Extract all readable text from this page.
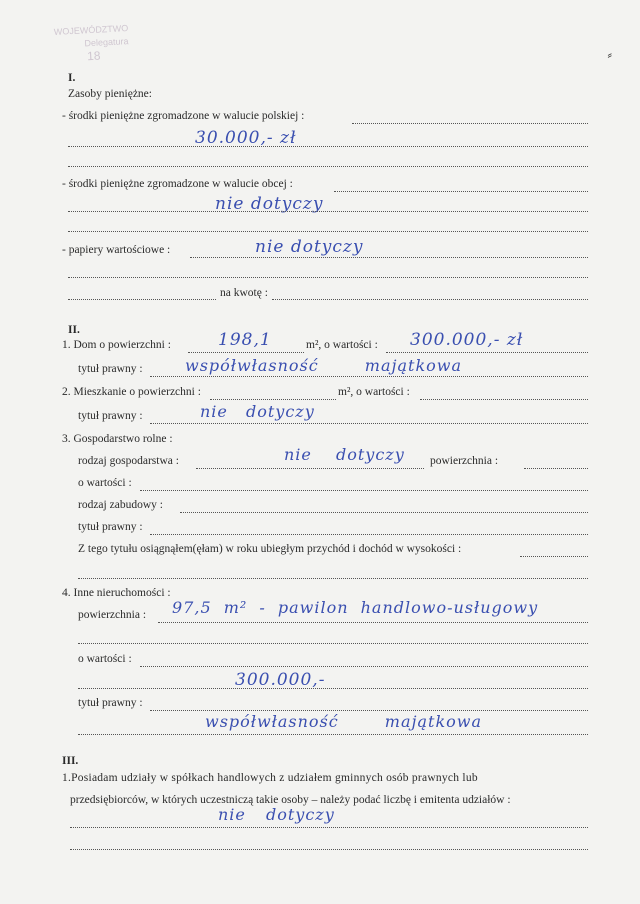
WOJEWÓDZTWO
Delegatura
18	⸗
I.
Zasoby pieniężne:
- środki pieniężne zgromadzone w walucie polskiej :
30.000,- zł
- środki pieniężne zgromadzone w walucie obcej :
nie dotyczy
- papiery wartościowe :	nie dotyczy
na kwotę :
II.
1. Dom o powierzchni :	198,1	m², o wartości : 300.000,- zł
tytuł prawny :	współwłasność majątkowa
2. Mieszkanie o powierzchni :	m², o wartości :
tytuł prawny :	nie dotyczy
3. Gospodarstwo rolne :
rodzaj gospodarstwa :	nie dotyczy powierzchnia :
o wartości :
rodzaj zabudowy :
tytuł prawny :
Z tego tytułu osiągnąłem(ęłam) w roku ubiegłym przychód i dochód w wysokości :
4. Inne nieruchomości :
powierzchnia : 97,5 m² - pawilon handlowo-usługowy
o wartości :
300.000,-
tytuł prawny :
współwłasność majątkowa
III.
1.Posiadam udziały w spółkach handlowych z udziałem gminnych osób prawnych lub
przedsiębiorców, w których uczestniczą takie osoby – należy podać liczbę i emitenta udziałów :
nie dotyczy
